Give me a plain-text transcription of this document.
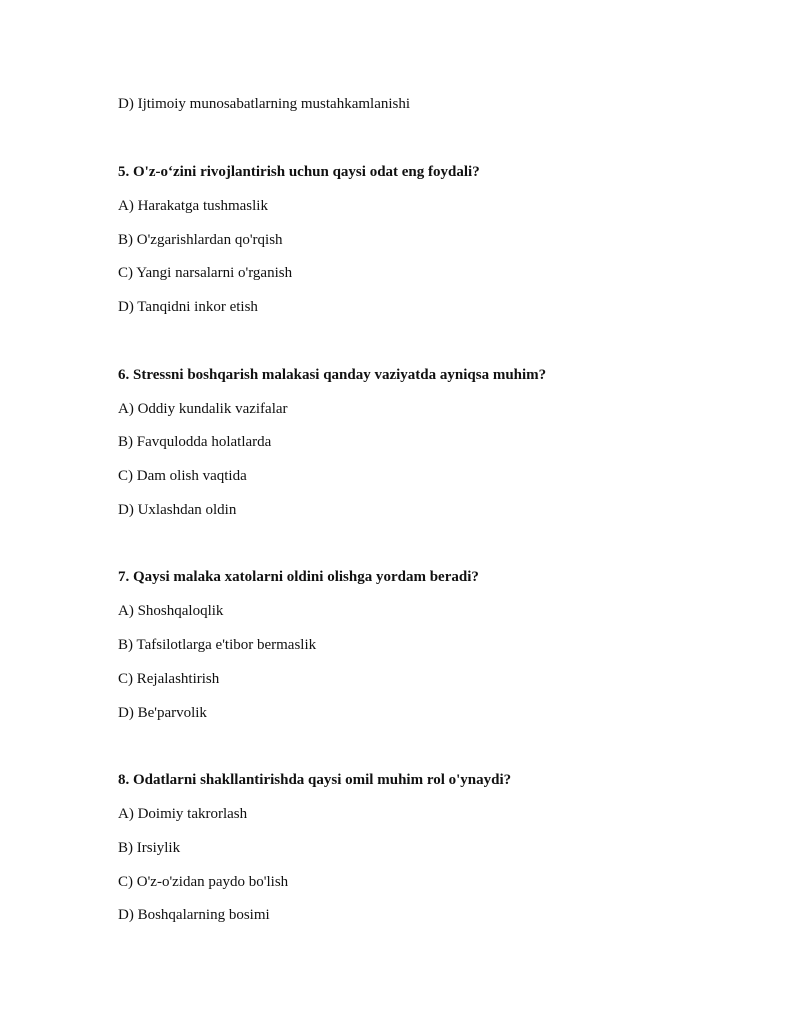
D) Ijtimoiy munosabatlarning mustahkamlanishi
5. O'z-o‘zini rivojlantirish uchun qaysi odat eng foydali?
A) Harakatga tushmaslik
B) O'zgarishlardan qo'rqish
C) Yangi narsalarni o'rganish
D) Tanqidni inkor etish
6. Stressni boshqarish malakasi qanday vaziyatda ayniqsa muhim?
A) Oddiy kundalik vazifalar
B) Favqulodda holatlarda
C) Dam olish vaqtida
D) Uxlashdan oldin
7. Qaysi malaka xatolarni oldini olishga yordam beradi?
A) Shoshqaloqlik
B) Tafsilotlarga e'tibor bermaslik
C) Rejalashtirish
D) Be'parvolik
8. Odatlarni shakllantirishda qaysi omil muhim rol o'ynaydi?
A) Doimiy takrorlash
B) Irsiylik
C) O'z-o'zidan paydo bo'lish
D) Boshqalarning bosimi
